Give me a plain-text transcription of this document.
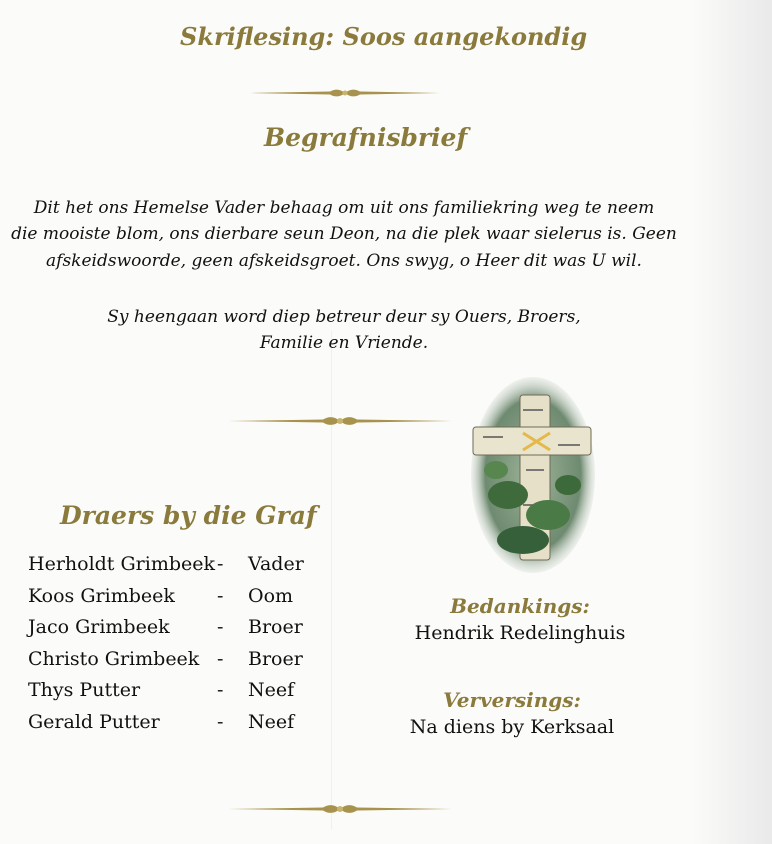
Skriflesing: Soos aangekondig
Begrafnisbrief
Dit het ons Hemelse Vader behaag om uit ons familiekring weg te neem
die mooiste blom, ons dierbare seun Deon, na die plek waar sielerus is. Geen
afskeidswoorde, geen afskeidsgroet. Ons swyg, o Heer dit was U wil.
Sy heengaan word diep betreur deur sy Ouers, Broers,
Familie en Vriende.
Draers by die Graf
Herholdt Grimbeek - Vader
Koos Grimbeek - Oom
Jaco Grimbeek - Broer
Christo Grimbeek - Broer
Thys Putter	- Neef
Gerald Putter	- Neef
Bedankings:
Hendrik Redelinghuis
Verversings:
Na diens by Kerksaal
